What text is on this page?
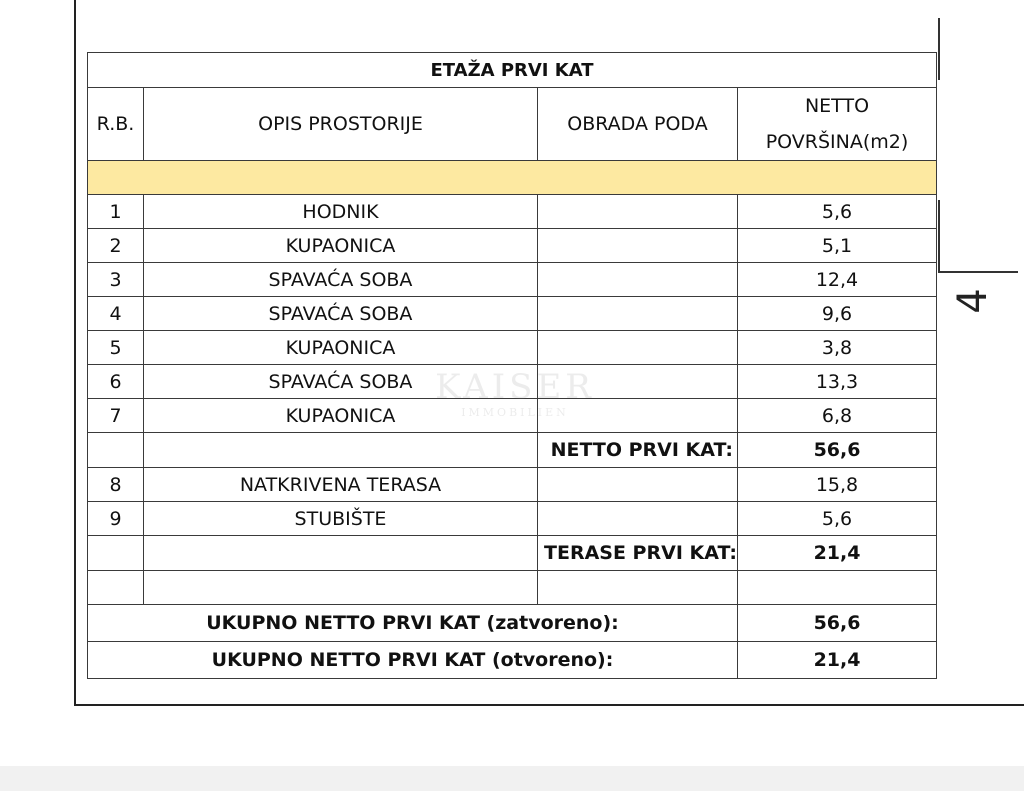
4
ETAŽA PRVI KAT			
R.B.	OPIS PROSTORIJE	OBRADA PODA	NETTO
POVRŠINA(m2)

1	HODNIK		5,6
2	KUPAONICA		5,1
3	SPAVAĆA SOBA		12,4
4	SPAVAĆA SOBA		9,6
5	KUPAONICA		3,8
6	SPAVAĆA SOBA		13,3
7	KUPAONICA		6,8
		NETTO PRVI KAT:	56,6
8	NATKRIVENA TERASA		15,8
9	STUBIŠTE		5,6
		TERASE PRVI KAT:	21,4

UKUPNO NETTO PRVI KAT (zatvoreno):			56,6
UKUPNO NETTO PRVI KAT (otvoreno):			21,4
KAISER
IMMOBILIEN
